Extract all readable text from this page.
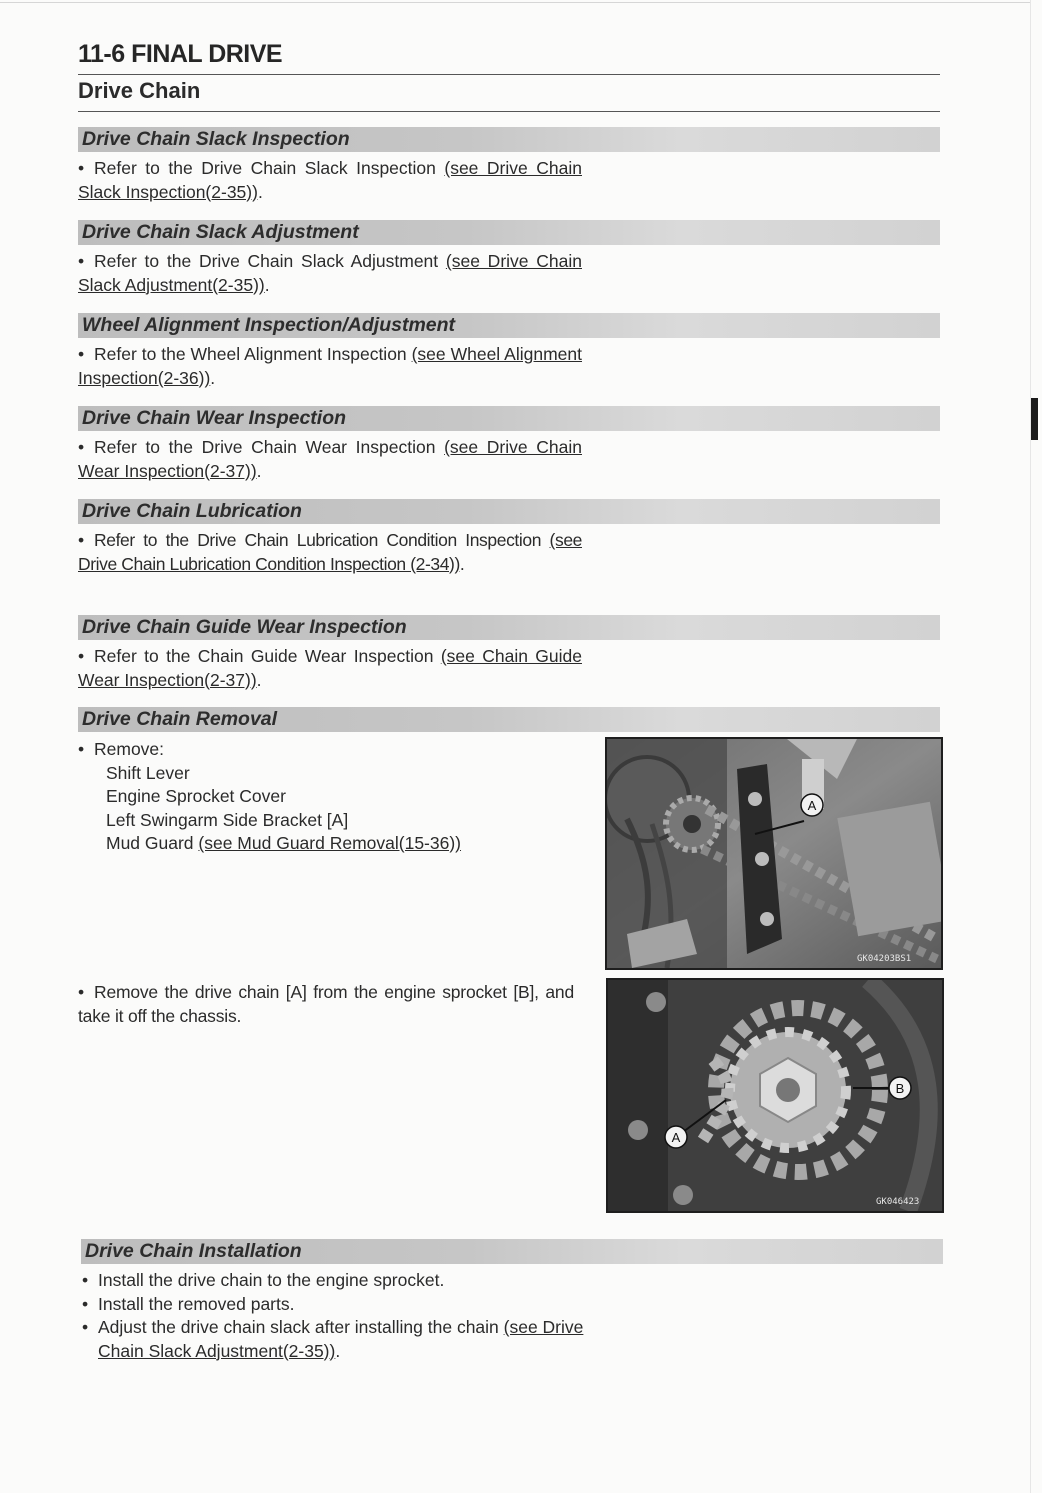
11-6 FINAL DRIVE
Drive Chain
Drive Chain Slack Inspection
• Refer to the Drive Chain Slack Inspection (see Drive Chain Slack Inspection(2-35)).
Drive Chain Slack Adjustment
• Refer to the Drive Chain Slack Adjustment (see Drive Chain Slack Adjustment(2-35)).
Wheel Alignment Inspection/Adjustment
• Refer to the Wheel Alignment Inspection (see Wheel Alignment Inspection(2-36)).
Drive Chain Wear Inspection
• Refer to the Drive Chain Wear Inspection (see Drive Chain Wear Inspection(2-37)).
Drive Chain Lubrication
• Refer to the Drive Chain Lubrication Condition Inspection (see Drive Chain Lubrication Condition Inspection (2-34)).
Drive Chain Guide Wear Inspection
• Refer to the Chain Guide Wear Inspection (see Chain Guide Wear Inspection(2-37)).
Drive Chain Removal
• Remove:
Shift Lever
Engine Sprocket Cover
Left Swingarm Side Bracket [A]
Mud Guard (see Mud Guard Removal(15-36))
• Remove the drive chain [A] from the engine sprocket [B], and take it off the chassis.
A
GK04203BS1
B
A
GK046423
Drive Chain Installation
• Install the drive chain to the engine sprocket.
• Install the removed parts.
• Adjust the drive chain slack after installing the chain (see Drive Chain Slack Adjustment(2-35)).
